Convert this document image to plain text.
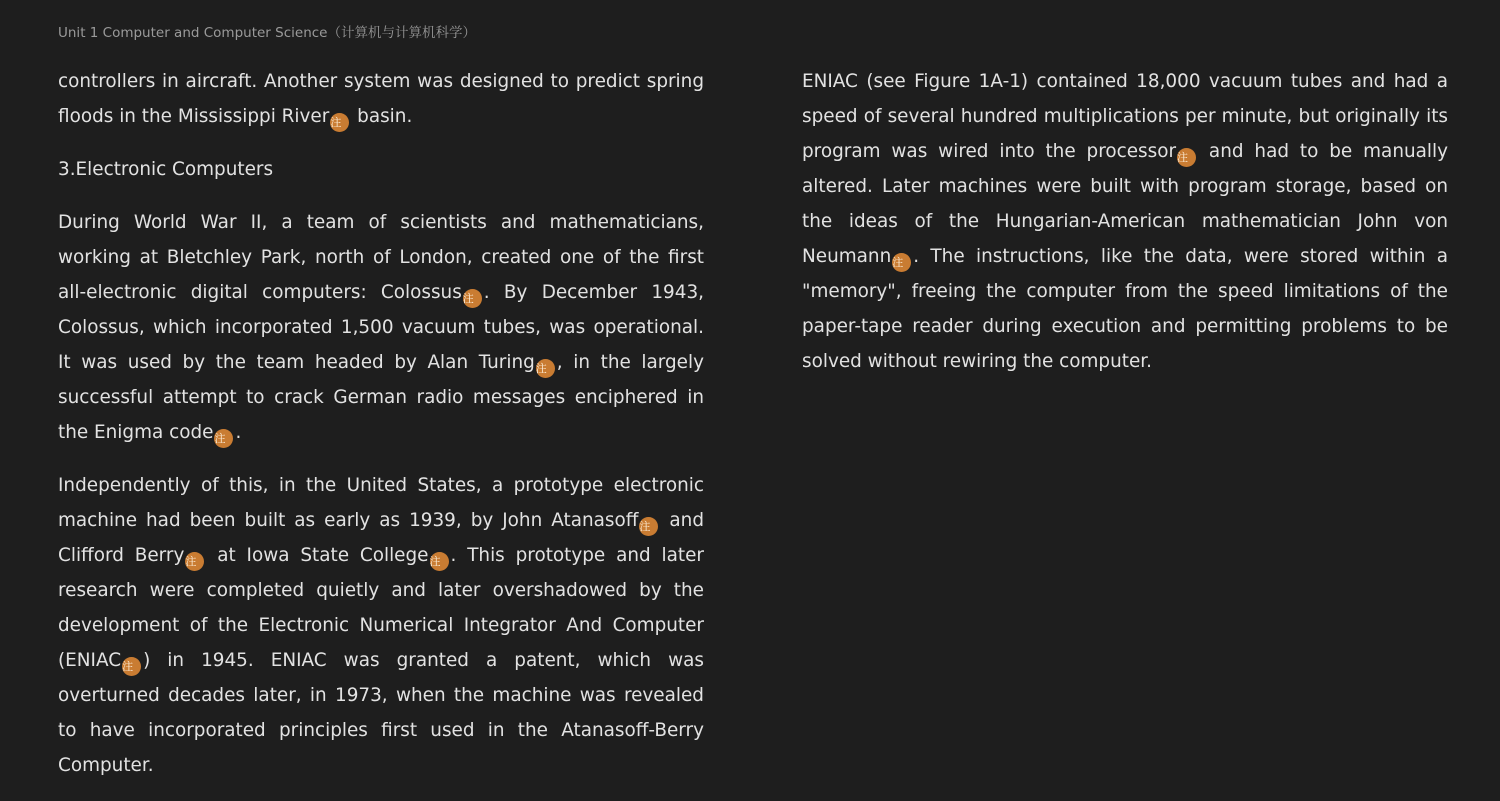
Unit 1 Computer and Computer Science（计算机与计算机科学）

controllers in aircraft. Another system was designed to predict spring floods in the Mississippi River注 basin.

3.Electronic Computers

During World War II, a team of scientists and mathematicians, working at Bletchley Park, north of London, created one of the first all-electronic digital computers: Colossus注 . By December 1943, Colossus, which incorporated 1,500 vacuum tubes, was operational. It was used by the team headed by Alan Turing注 , in the largely successful attempt to crack German radio messages enciphered in the Enigma code注 .

Independently of this, in the United States, a prototype electronic machine had been built as early as 1939, by John Atanasoff注 and Clifford Berry注 at Iowa State College注 . This prototype and later research were completed quietly and later overshadowed by the development of the Electronic Numerical Integrator And Computer (ENIAC注 ) in 1945. ENIAC was granted a patent, which was overturned decades later, in 1973, when the machine was revealed to have incorporated principles first used in the Atanasoff-Berry Computer.

ENIAC (see Figure 1A-1) contained 18,000 vacuum tubes and had a speed of several hundred multiplications per minute, but originally its program was wired into the processor注 and had to be manually altered. Later machines were built with program storage, based on the ideas of the Hungarian-American mathematician John von Neumann注 . The instructions, like the data, were stored within a "memory", freeing the computer from the speed limitations of the paper-tape reader during execution and permitting problems to be solved without rewiring the computer.
